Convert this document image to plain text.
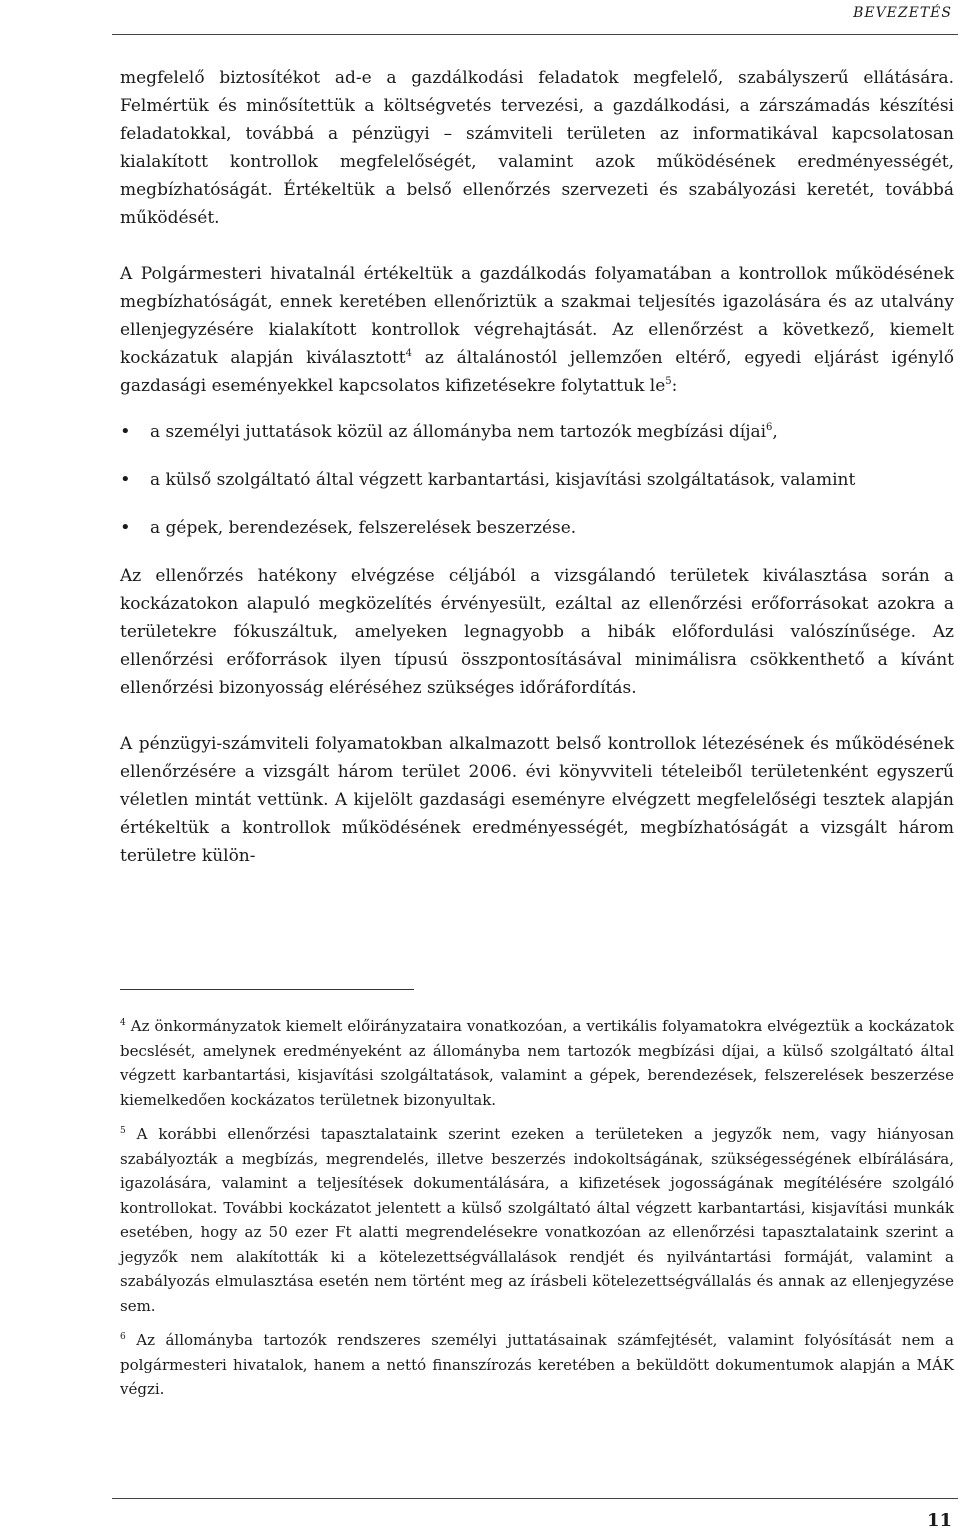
BEVEZETÉS

megfelelő biztosítékot ad-e a gazdálkodási feladatok megfelelő, szabályszerű ellátására. Felmértük és minősítettük a költségvetés tervezési, a gazdálkodási, a zárszámadás készítési feladatokkal, továbbá a pénzügyi – számviteli területen az informatikával kapcsolatosan kialakított kontrollok megfelelőségét, valamint azok működésének eredményességét, megbízhatóságát. Értékeltük a belső ellenőrzés szervezeti és szabályozási keretét, továbbá működését.

A Polgármesteri hivatalnál értékeltük a gazdálkodás folyamatában a kontrollok működésének megbízhatóságát, ennek keretében ellenőriztük a szakmai teljesítés igazolására és az utalvány ellenjegyzésére kialakított kontrollok végrehajtását. Az ellenőrzést a következő, kiemelt kockázatuk alapján kiválasztott$^4$ az általánostól jellemzően eltérő, egyedi eljárást igénylő gazdasági eseményekkel kapcsolatos kifizetésekre folytattuk $le^5$:

• a személyi juttatások közül az állományba nem tartozók megbízási díjai$^6$,
• a külső szolgáltató által végzett karbantartási, kisjavítási szolgáltatások, valamint
• a gépek, berendezések, felszerelések beszerzése.

Az ellenőrzés hatékony elvégzése céljából a vizsgálandó területek kiválasztása során a kockázatokon alapuló megközelítés érvényesült, ezáltal az ellenőrzési erőforrásokat azokra a területekre fókuszáltuk, amelyeken legnagyobb a hibák előfordulási valószínűsége. Az ellenőrzési erőforrások ilyen típusú összpontosításával minimálisra csökkenthető a kívánt ellenőrzési bizonyosság eléréséhez szükséges időráfordítás.

A pénzügyi-számviteli folyamatokban alkalmazott belső kontrollok létezésének és működésének ellenőrzésére a vizsgált három terület 2006. évi könyvviteli tételeiből területenként egyszerű véletlen mintát vettünk. A kijelölt gazdasági eseményre elvégzett megfelelőségi tesztek alapján értékeltük a kontrollok működésének eredményességét, megbízhatóságát a vizsgált három területre külön-

$^4$ Az önkormányzatok kiemelt előirányzataira vonatkozóan, a vertikális folyamatokra elvégeztük a kockázatok becslését, amelynek eredményeként az állományba nem tartozók megbízási díjai, a külső szolgáltató által végzett karbantartási, kisjavítási szolgáltatások, valamint a gépek, berendezések, felszerelések beszerzése kiemelkedően kockázatos területnek bizonyultak.

$^5$ A korábbi ellenőrzési tapasztalataink szerint ezeken a területeken a jegyzők nem, vagy hiányosan szabályozták a megbízás, megrendelés, illetve beszerzés indokoltságának, szükségességének elbírálására, igazolására, valamint a teljesítések dokumentálására, a kifizetések jogosságának megítélésére szolgáló kontrollokat. További kockázatot jelentett a külső szolgáltató által végzett karbantartási, kisjavítási munkák esetében, hogy az 50 ezer Ft alatti megrendelésekre vonatkozóan az ellenőrzési tapasztalataink szerint a jegyzők nem alakították ki a kötelezettségvállalások rendjét és nyilvántartási formáját, valamint a szabályozás elmulasztása esetén nem történt meg az írásbeli kötelezettségvállalás és annak az ellenjegyzése sem.

$^6$ Az állományba tartozók rendszeres személyi juttatásainak számfejtését, valamint folyósítását nem a polgármesteri hivatalok, hanem a nettó finanszírozás keretében a beküldött dokumentumok alapján a MÁK végzi.

11
